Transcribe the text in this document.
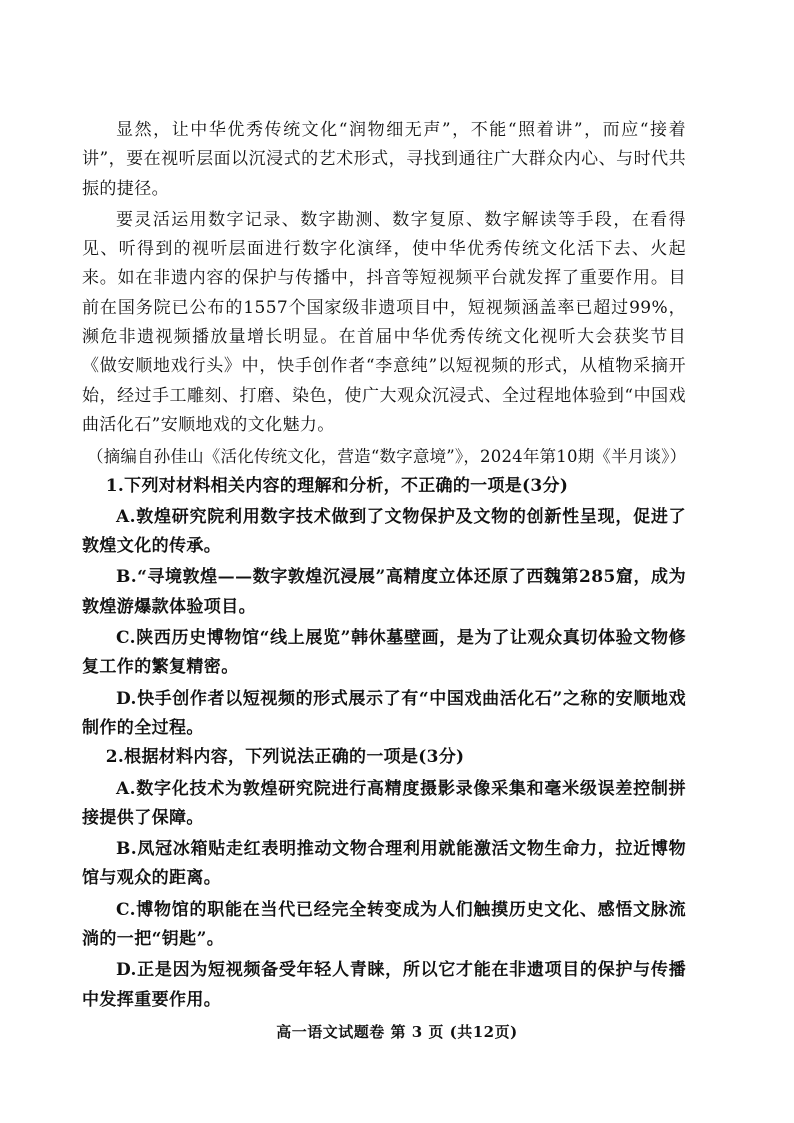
显然，让中华优秀传统文化“润物细无声”，不能“照着讲”，而应“接着讲”，要在视听层面以沉浸式的艺术形式，寻找到通往广大群众内心、与时代共振的捷径。

要灵活运用数字记录、数字勘测、数字复原、数字解读等手段，在看得见、听得到的视听层面进行数字化演绎，使中华优秀传统文化活下去、火起来。如在非遗内容的保护与传播中，抖音等短视频平台就发挥了重要作用。目前在国务院已公布的1557个国家级非遗项目中，短视频涵盖率已超过99%，濒危非遗视频播放量增长明显。在首届中华优秀传统文化视听大会获奖节目《做安顺地戏行头》中，快手创作者“李意纯”以短视频的形式，从植物采摘开始，经过手工雕刻、打磨、染色，使广大观众沉浸式、全过程地体验到“中国戏曲活化石”安顺地戏的文化魅力。

（摘编自孙佳山《活化传统文化，营造“数字意境”》，2024年第10期《半月谈》）

1.下列对材料相关内容的理解和分析，不正确的一项是(3分)

A.敦煌研究院利用数字技术做到了文物保护及文物的创新性呈现，促进了敦煌文化的传承。

B.“寻境敦煌——数字敦煌沉浸展”高精度立体还原了西魏第285窟，成为敦煌游爆款体验项目。

C.陕西历史博物馆“线上展览”韩休墓壁画，是为了让观众真切体验文物修复工作的繁复精密。

D.快手创作者以短视频的形式展示了有“中国戏曲活化石”之称的安顺地戏制作的全过程。

2.根据材料内容，下列说法正确的一项是(3分)

A.数字化技术为敦煌研究院进行高精度摄影录像采集和毫米级误差控制拼接提供了保障。

B.凤冠冰箱贴走红表明推动文物合理利用就能激活文物生命力，拉近博物馆与观众的距离。

C.博物馆的职能在当代已经完全转变成为人们触摸历史文化、感悟文脉流淌的一把“钥匙”。

D.正是因为短视频备受年轻人青睐，所以它才能在非遗项目的保护与传播中发挥重要作用。

高一语文试题卷 第 3 页 (共12页)
